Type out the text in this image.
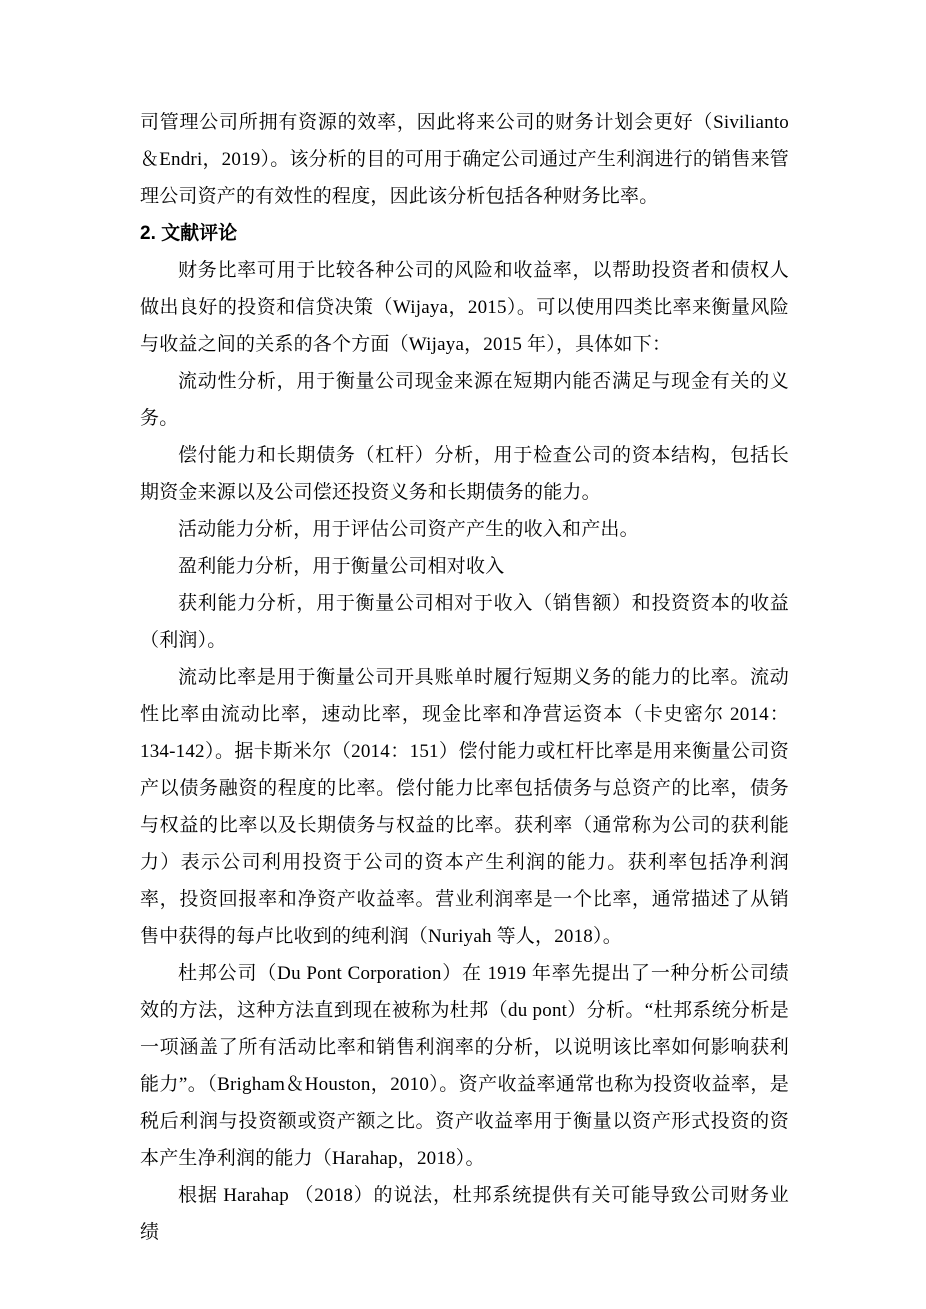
司管理公司所拥有资源的效率，因此将来公司的财务计划会更好（Sivilianto＆Endri，2019）。该分析的目的可用于确定公司通过产生利润进行的销售来管理公司资产的有效性的程度，因此该分析包括各种财务比率。

2. 文献评论

财务比率可用于比较各种公司的风险和收益率，以帮助投资者和债权人做出良好的投资和信贷决策（Wijaya，2015）。可以使用四类比率来衡量风险与收益之间的关系的各个方面（Wijaya，2015 年），具体如下：

流动性分析，用于衡量公司现金来源在短期内能否满足与现金有关的义务。

偿付能力和长期债务（杠杆）分析，用于检查公司的资本结构，包括长期资金来源以及公司偿还投资义务和长期债务的能力。

活动能力分析，用于评估公司资产产生的收入和产出。

盈利能力分析，用于衡量公司相对收入

获利能力分析，用于衡量公司相对于收入（销售额）和投资资本的收益（利润）。

流动比率是用于衡量公司开具账单时履行短期义务的能力的比率。流动性比率由流动比率，速动比率，现金比率和净营运资本（卡史密尔 2014：134-142）。据卡斯米尔（2014：151）偿付能力或杠杆比率是用来衡量公司资产以债务融资的程度的比率。偿付能力比率包括债务与总资产的比率，债务与权益的比率以及长期债务与权益的比率。获利率（通常称为公司的获利能力）表示公司利用投资于公司的资本产生利润的能力。获利率包括净利润率，投资回报率和净资产收益率。营业利润率是一个比率，通常描述了从销售中获得的每卢比收到的纯利润（Nuriyah 等人，2018）。

杜邦公司（Du Pont Corporation）在 1919 年率先提出了一种分析公司绩效的方法，这种方法直到现在被称为杜邦（du pont）分析。“杜邦系统分析是一项涵盖了所有活动比率和销售利润率的分析，以说明该比率如何影响获利能力”。（Brigham＆Houston，2010）。资产收益率通常也称为投资收益率，是税后利润与投资额或资产额之比。资产收益率用于衡量以资产形式投资的资本产生净利润的能力（Harahap，2018）。

根据 Harahap （2018）的说法，杜邦系统提供有关可能导致公司财务业绩
